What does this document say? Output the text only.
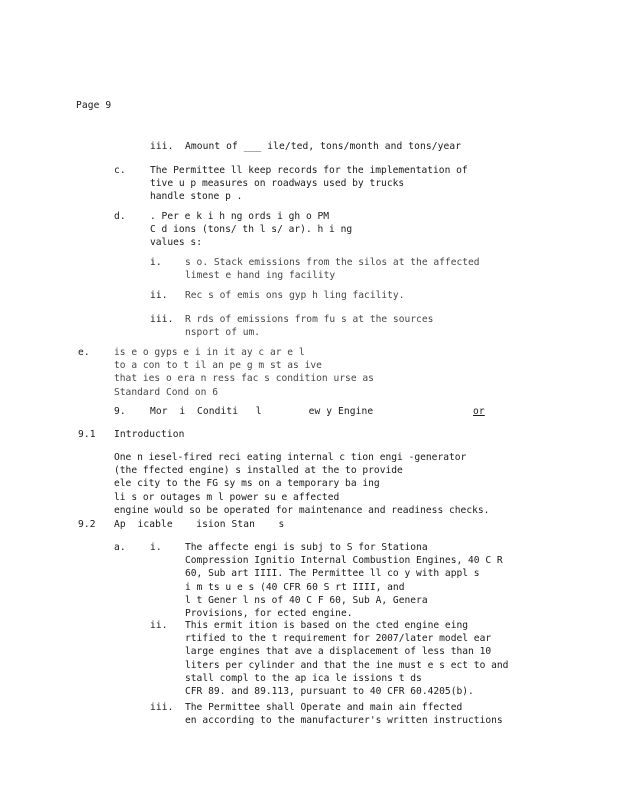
Page 9
iii. Amount of ___ ile/ted, tons/month and tons/year
c.	The Permittee ll keep records for the implementation of
tive u p measures on roadways used by trucks
handle stone p .
d.	. Per e k i h ng ords i gh o PM
C d ions (tons/ th l s/ ar). h i ng
values s:
i. s o. Stack emissions from the silos at the affected
limest e hand ing facility
ii. Rec s of emis ons gyp h ling facility.
iii. R rds of emissions from fu s at the sources
nsport of um.
e.	is e o gyps e i in it ay c ar e l
to a con to t il an pe g m st as ive
that ies o era n ress fac s condition urse as
Standard Cond on 6
9.	Mor  i  Conditi   l        ew y Engine	or
9.1 Introduction
One n iesel-fired reci eating internal c tion engi -generator
(the ffected engine) s installed at the to provide
ele city to the FG sy ms on a temporary ba ing
li s or outages m l power su e affected
engine would so be operated for maintenance and readiness checks.
9.2 Ap  icable    ision Stan    s
a.	i. The affecte engi is subj to S for Stationa
Compression Ignitio Internal Combustion Engines, 40 C R
60, Sub art IIII. The Permittee ll co y with appl s
i m ts u e s (40 CFR 60 S rt IIII, and
l t Gener l ns of 40 C F 60, Sub A, Genera
Provisions, for ected engine.
ii. This ermit ition is based on the cted engine eing
rtified to the t requirement for 2007/later model ear
large engines that ave a displacement of less than 10
liters per cylinder and that the ine must e s ect to and
stall compl to the ap ica le issions t ds
CFR 89. and 89.113, pursuant to 40 CFR 60.4205(b).
iii. The Permittee shall Operate and main ain ffected
en according to the manufacturer's written instructions
